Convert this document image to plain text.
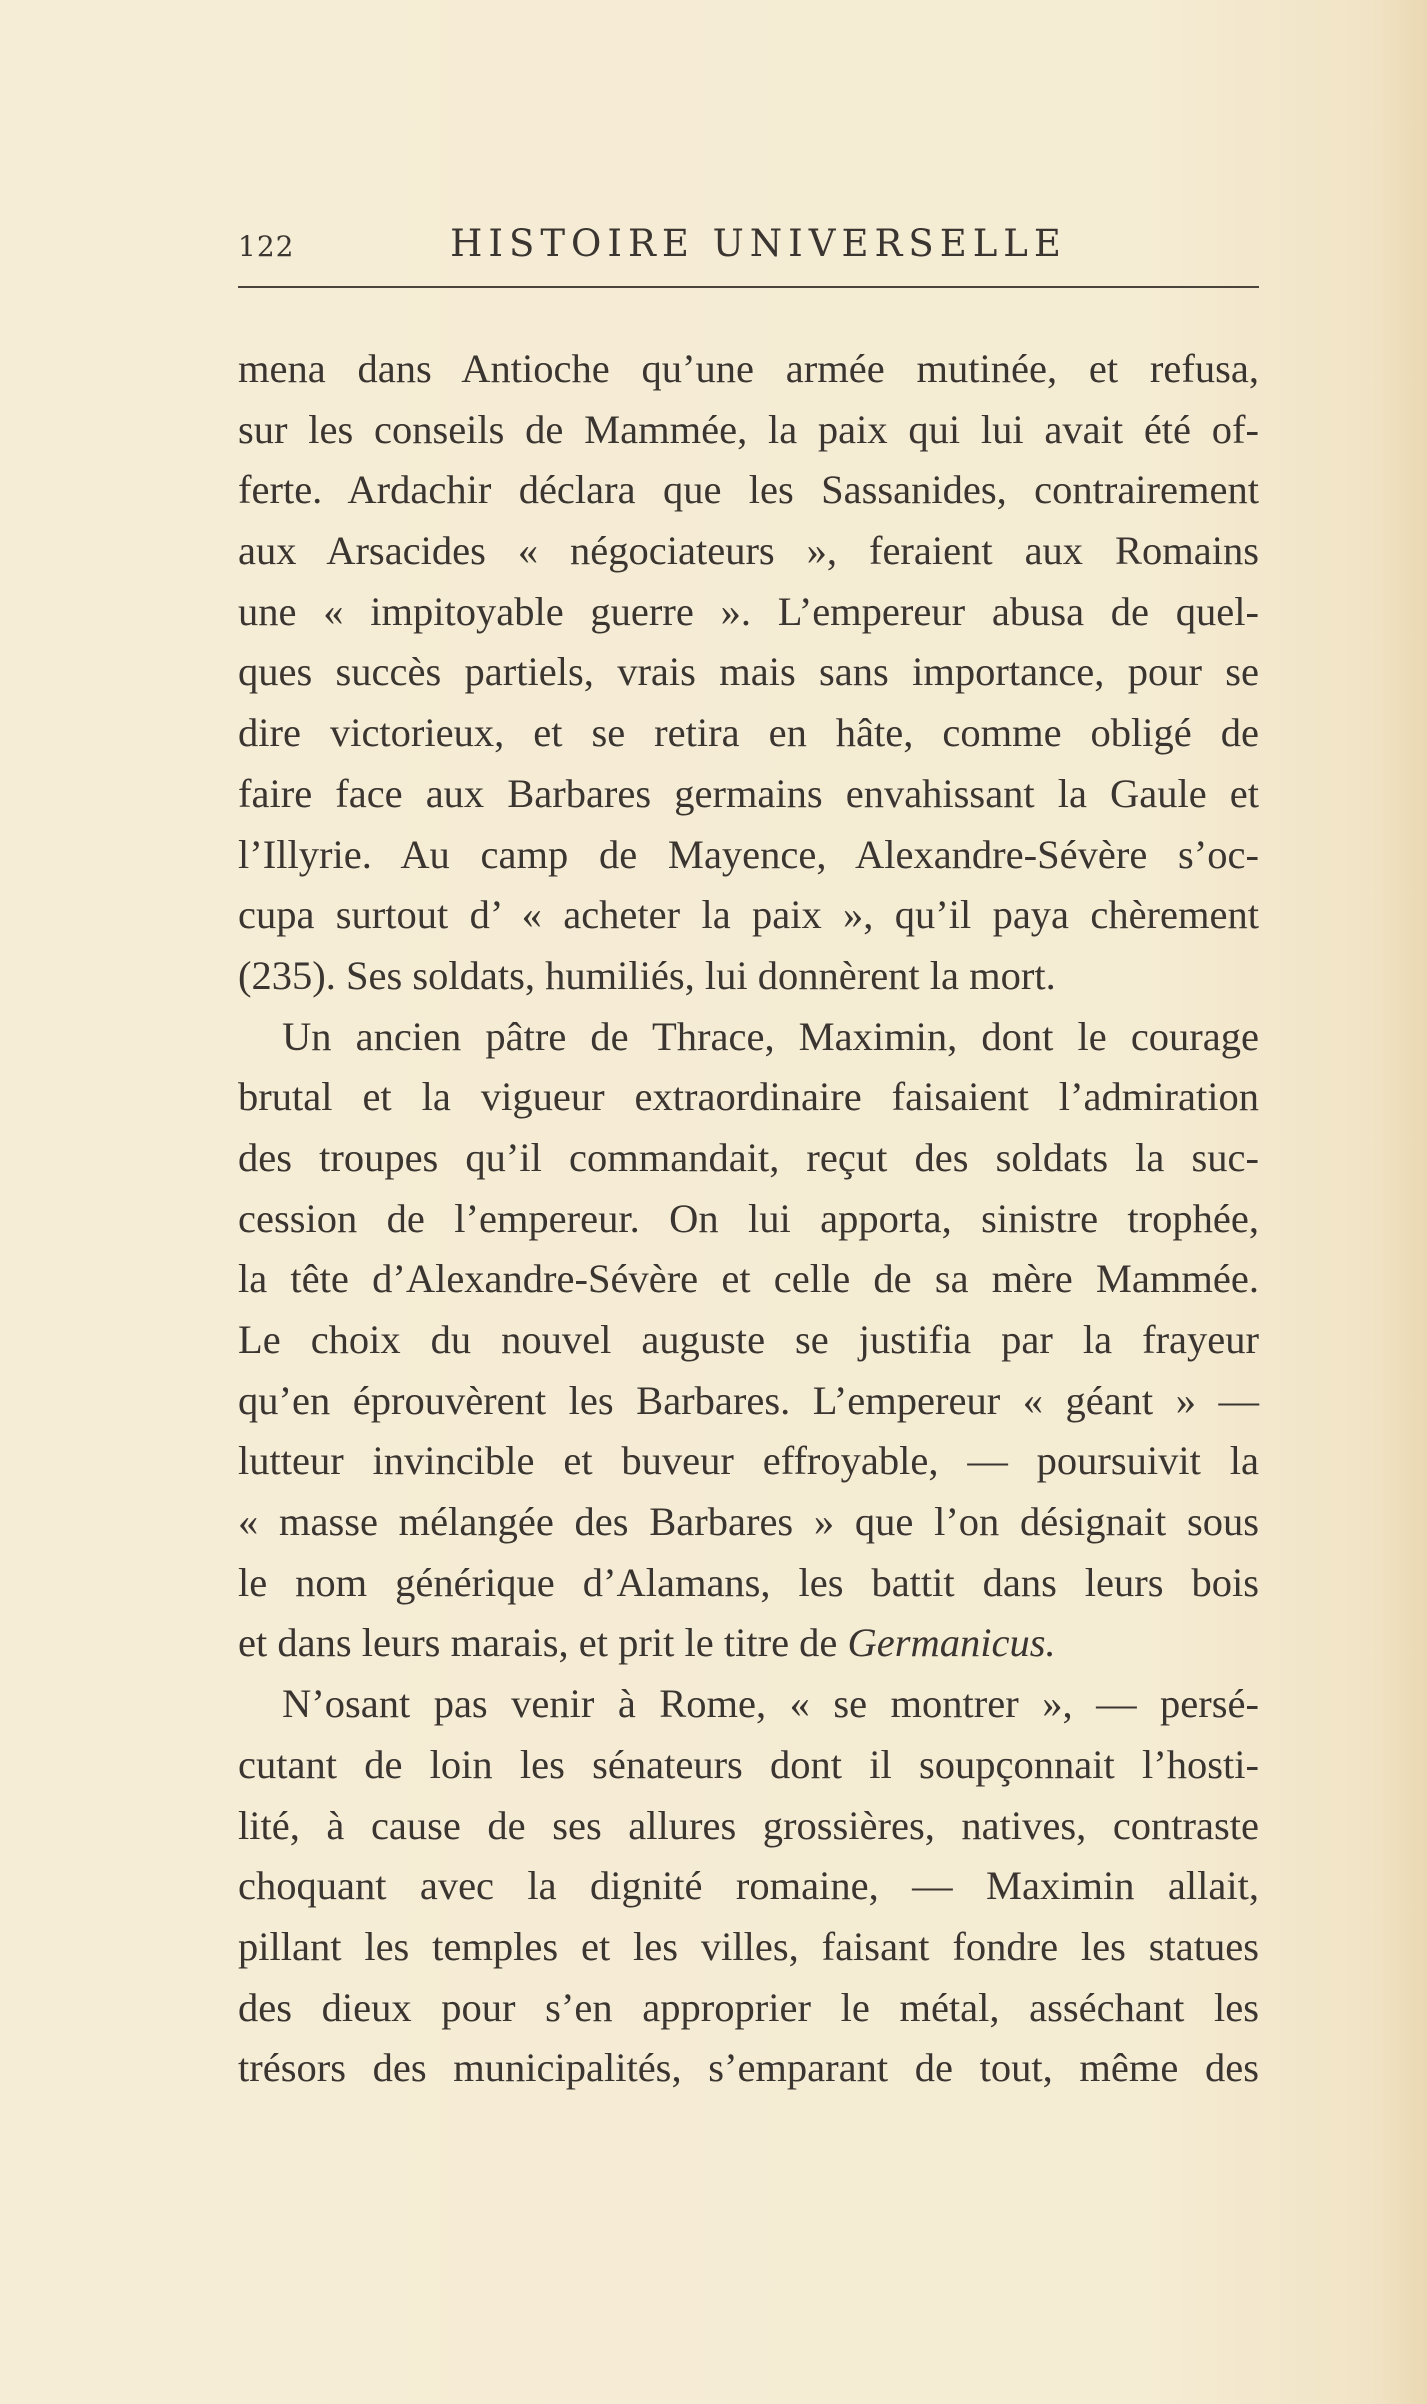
122	HISTOIRE UNIVERSELLE
mena dans Antioche qu’une armée mutinée, et refusa,
sur les conseils de Mammée, la paix qui lui avait été of-
ferte. Ardachir déclara que les Sassanides, contrairement
aux Arsacides « négociateurs », feraient aux Romains
une « impitoyable guerre ». L’empereur abusa de quel-
ques succès partiels, vrais mais sans importance, pour se
dire victorieux, et se retira en hâte, comme obligé de
faire face aux Barbares germains envahissant la Gaule et
l’Illyrie. Au camp de Mayence, Alexandre-Sévère s’oc-
cupa surtout d’ « acheter la paix », qu’il paya chèrement
(235). Ses soldats, humiliés, lui donnèrent la mort.
Un ancien pâtre de Thrace, Maximin, dont le courage
brutal et la vigueur extraordinaire faisaient l’admiration
des troupes qu’il commandait, reçut des soldats la suc-
cession de l’empereur. On lui apporta, sinistre trophée,
la tête d’Alexandre-Sévère et celle de sa mère Mammée.
Le choix du nouvel auguste se justifia par la frayeur
qu’en éprouvèrent les Barbares. L’empereur « géant » —
lutteur invincible et buveur effroyable, — poursuivit la
« masse mélangée des Barbares » que l’on désignait sous
le nom générique d’Alamans, les battit dans leurs bois
et dans leurs marais, et prit le titre de Germanicus.
N’osant pas venir à Rome, « se montrer », — persé-
cutant de loin les sénateurs dont il soupçonnait l’hosti-
lité, à cause de ses allures grossières, natives, contraste
choquant avec la dignité romaine, — Maximin allait,
pillant les temples et les villes, faisant fondre les statues
des dieux pour s’en approprier le métal, asséchant les
trésors des municipalités, s’emparant de tout, même des
